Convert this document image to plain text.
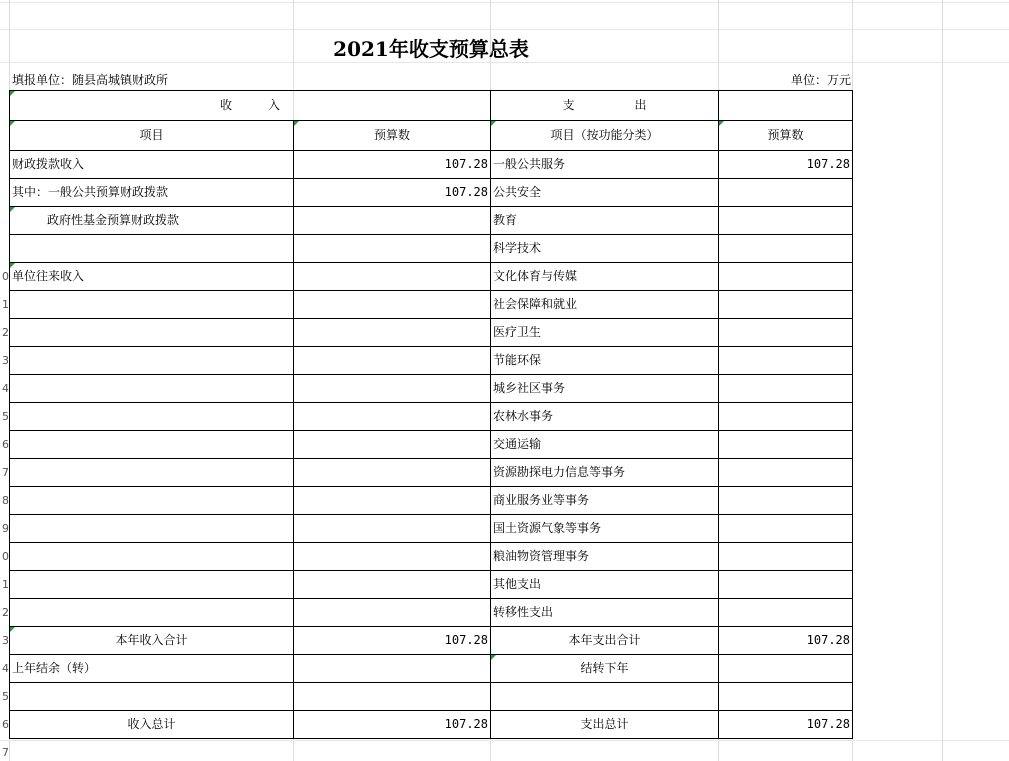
0
1
2
3
4
5
6
7
8
9
0
1
2
3
4
5
6
7
2021年收支预算总表
填报单位：随县高城镇财政所	单位：万元
收　　　入		支　　　　　出	
项目	预算数	项目（按功能分类）	预算数
财政拨款收入	107.28	一般公共服务	107.28
其中：一般公共预算财政拨款	107.28	公共安全	
政府性基金预算财政拨款		教育	
		科学技术	
单位往来收入		文化体育与传媒	
		社会保障和就业	
		医疗卫生	
		节能环保	
		城乡社区事务	
		农林水事务	
		交通运输	
		资源勘探电力信息等事务	
		商业服务业等事务	
		国土资源气象等事务	
		粮油物资管理事务	
		其他支出	
		转移性支出	
本年收入合计	107.28	本年支出合计	107.28
上年结余（转）		结转下年	

收入总计	107.28	支出总计	107.28
